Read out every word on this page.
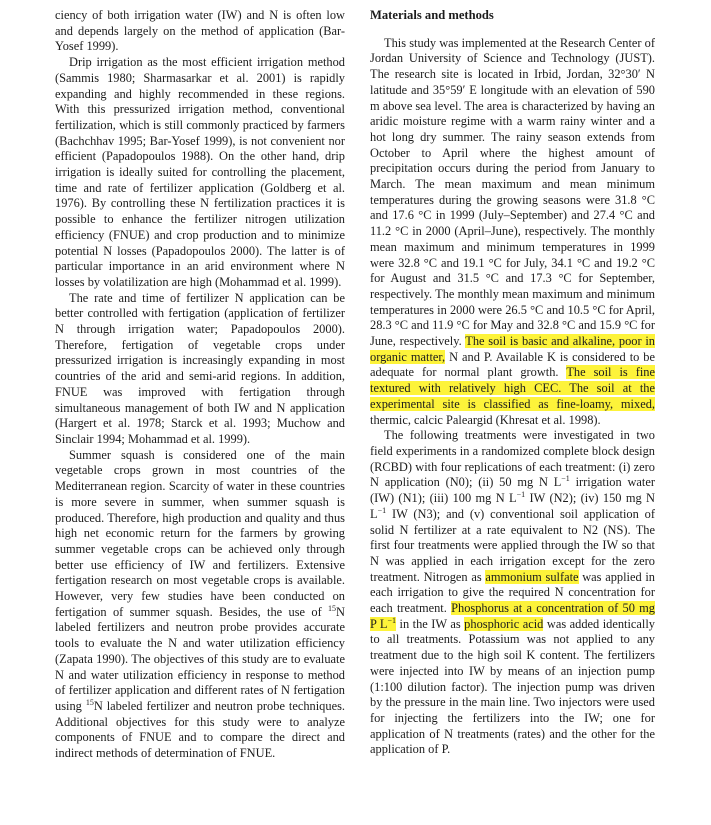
ciency of both irrigation water (IW) and N is often low and depends largely on the method of application (Bar-Yosef 1999).

Drip irrigation as the most efficient irrigation method (Sammis 1980; Sharmasarkar et al. 2001) is rapidly expanding and highly recommended in these regions. With this pressurized irrigation method, conventional fertilization, which is still commonly practiced by farmers (Bachchhav 1995; Bar-Yosef 1999), is not convenient nor efficient (Papadopoulos 1988). On the other hand, drip irrigation is ideally suited for controlling the placement, time and rate of fertilizer application (Goldberg et al. 1976). By controlling these N fertilization practices it is possible to enhance the fertilizer nitrogen utilization efficiency (FNUE) and crop production and to minimize potential N losses (Papadopoulos 2000). The latter is of particular importance in an arid environment where N losses by volatilization are high (Mohammad et al. 1999).

The rate and time of fertilizer N application can be better controlled with fertigation (application of fertilizer N through irrigation water; Papadopoulos 2000). Therefore, fertigation of vegetable crops under pressurized irrigation is increasingly expanding in most countries of the arid and semi-arid regions. In addition, FNUE was improved with fertigation through simultaneous management of both IW and N application (Hargert et al. 1978; Starck et al. 1993; Muchow and Sinclair 1994; Mohammad et al. 1999).

Summer squash is considered one of the main vegetable crops grown in most countries of the Mediterranean region. Scarcity of water in these countries is more severe in summer, when summer squash is produced. Therefore, high production and quality and thus high net economic return for the farmers by growing summer vegetable crops can be achieved only through better use efficiency of IW and fertilizers. Extensive fertigation research on most vegetable crops is available. However, very few studies have been conducted on fertigation of summer squash. Besides, the use of $^{15}$N labeled fertilizers and neutron probe provides accurate tools to evaluate the N and water utilization efficiency (Zapata 1990). The objectives of this study are to evaluate N and water utilization efficiency in response to method of fertilizer application and different rates of N fertigation using $^{15}$N labeled fertilizer and neutron probe techniques. Additional objectives for this study were to analyze components of FNUE and to compare the direct and indirect methods of determination of FNUE.

Materials and methods

This study was implemented at the Research Center of Jordan University of Science and Technology (JUST). The research site is located in Irbid, Jordan, 32°30′ N latitude and 35°59′ E longitude with an elevation of 590 m above sea level. The area is characterized by having an aridic moisture regime with a warm rainy winter and a hot long dry summer. The rainy season extends from October to April where the highest amount of precipitation occurs during the period from January to March. The mean maximum and mean minimum temperatures during the growing seasons were 31.8 °C and 17.6 °C in 1999 (July–September) and 27.4 °C and 11.2 °C in 2000 (April–June), respectively. The monthly mean maximum and minimum temperatures in 1999 were 32.8 °C and 19.1 °C for July, 34.1 °C and 19.2 °C for August and 31.5 °C and 17.3 °C for September, respectively. The monthly mean maximum and minimum temperatures in 2000 were 26.5 °C and 10.5 °C for April, 28.3 °C and 11.9 °C for May and 32.8 °C and 15.9 °C for June, respectively. The soil is basic and alkaline, poor in organic matter, N and P. Available K is considered to be adequate for normal plant growth. The soil is fine textured with relatively high CEC. The soil at the experimental site is classified as fine-loamy, mixed, thermic, calcic Paleargid (Khresat et al. 1998).

The following treatments were investigated in two field experiments in a randomized complete block design (RCBD) with four replications of each treatment: (i) zero N application (N0); (ii) 50 mg N $L^{-1}$ irrigation water (IW) (N1); (iii) 100 mg N $L^{-1}$ IW (N2); (iv) 150 mg N $L^{-1}$ IW (N3); and (v) conventional soil application of solid N fertilizer at a rate equivalent to N2 (NS). The first four treatments were applied through the IW so that N was applied in each irrigation except for the zero treatment. Nitrogen as ammonium sulfate was applied in each irrigation to give the required N concentration for each treatment. Phosphorus at a concentration of 50 mg P $L^{-1}$ in the IW as phosphoric acid was added identically to all treatments. Potassium was not applied to any treatment due to the high soil K content. The fertilizers were injected into IW by means of an injection pump (1:100 dilution factor). The injection pump was driven by the pressure in the main line. Two injectors were used for injecting the fertilizers into the IW; one for application of N treatments (rates) and the other for the application of P.
